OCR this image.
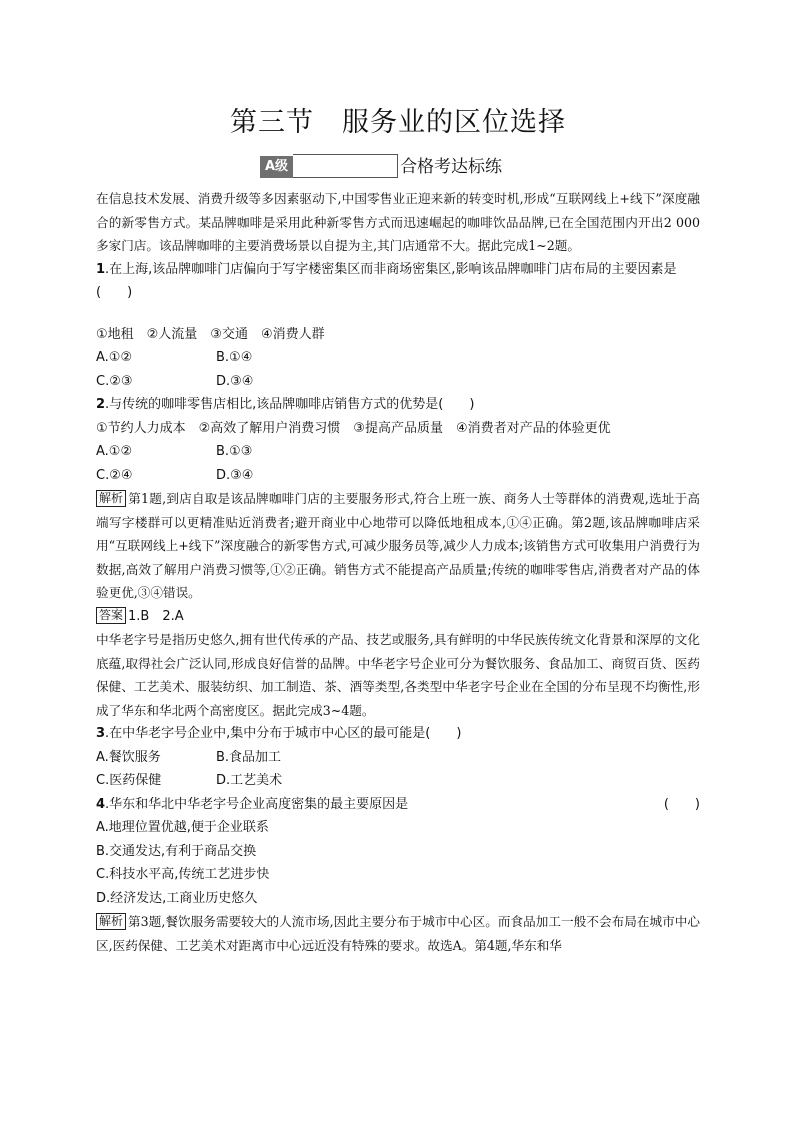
第三节　服务业的区位选择
A级	合格考达标练

在信息技术发展、消费升级等多因素驱动下,中国零售业正迎来新的转变时机,形成“互联网线上+线下”深度融合的新零售方式。某品牌咖啡是采用此种新零售方式而迅速崛起的咖啡饮品品牌,已在全国范围内开出2 000多家门店。该品牌咖啡的主要消费场景以自提为主,其门店通常不大。据此完成1~2题。

1.在上海,该品牌咖啡门店偏向于写字楼密集区而非商场密集区,影响该品牌咖啡门店布局的主要因素是(　　)

①地租　②人流量　③交通　④消费人群
A.①②	B.①④
C.②③	D.③④

2.与传统的咖啡零售店相比,该品牌咖啡店销售方式的优势是(　　)

①节约人力成本　②高效了解用户消费习惯　③提高产品质量　④消费者对产品的体验更优
A.①②	B.①③
C.②④	D.③④

解析 第1题,到店自取是该品牌咖啡门店的主要服务形式,符合上班一族、商务人士等群体的消费观,选址于高端写字楼群可以更精准贴近消费者;避开商业中心地带可以降低地租成本,①④正确。第2题,该品牌咖啡店采用“互联网线上+线下”深度融合的新零售方式,可减少服务员等,减少人力成本;该销售方式可收集用户消费行为数据,高效了解用户消费习惯等,①②正确。销售方式不能提高产品质量;传统的咖啡零售店,消费者对产品的体验更优,③④错误。

答案 1.B　2.A

中华老字号是指历史悠久,拥有世代传承的产品、技艺或服务,具有鲜明的中华民族传统文化背景和深厚的文化底蕴,取得社会广泛认同,形成良好信誉的品牌。中华老字号企业可分为餐饮服务、食品加工、商贸百货、医药保健、工艺美术、服装纺织、加工制造、茶、酒等类型,各类型中华老字号企业在全国的分布呈现不均衡性,形成了华东和华北两个高密度区。据此完成3~4题。

3.在中华老字号企业中,集中分布于城市中心区的最可能是(　　)

A.餐饮服务	B.食品加工
C.医药保健	D.工艺美术

4.华东和华北中华老字号企业高度密集的最主要原因是	(　　)

A.地理位置优越,便于企业联系
B.交通发达,有利于商品交换
C.科技水平高,传统工艺进步快
D.经济发达,工商业历史悠久

解析 第3题,餐饮服务需要较大的人流市场,因此主要分布于城市中心区。而食品加工一般不会布局在城市中心区,医药保健、工艺美术对距离市中心远近没有特殊的要求。故选A。第4题,华东和华
